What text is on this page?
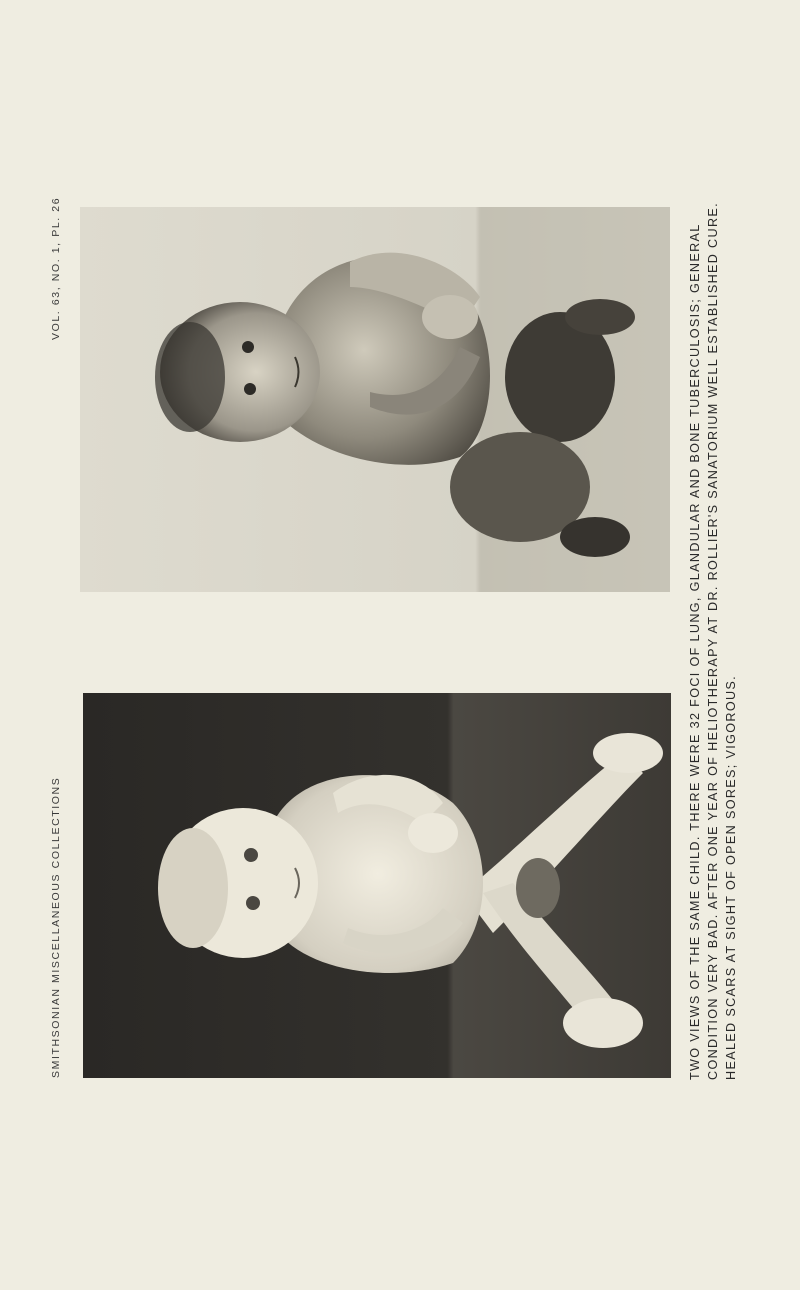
SMITHSONIAN MISCELLANEOUS COLLECTIONS
VOL. 63, NO. 1, PL. 26	TWO VIEWS OF THE SAME CHILD. THERE WERE 32 FOCI OF LUNG, GLANDULAR AND BONE TUBERCULOSIS; GENERAL CONDITION VERY BAD. AFTER ONE YEAR OF HELIOTHERAPY AT DR. ROLLIER'S SANATORIUM WELL ESTABLISHED CURE. HEALED SCARS AT SIGHT OF OPEN SORES; VIGOROUS.
